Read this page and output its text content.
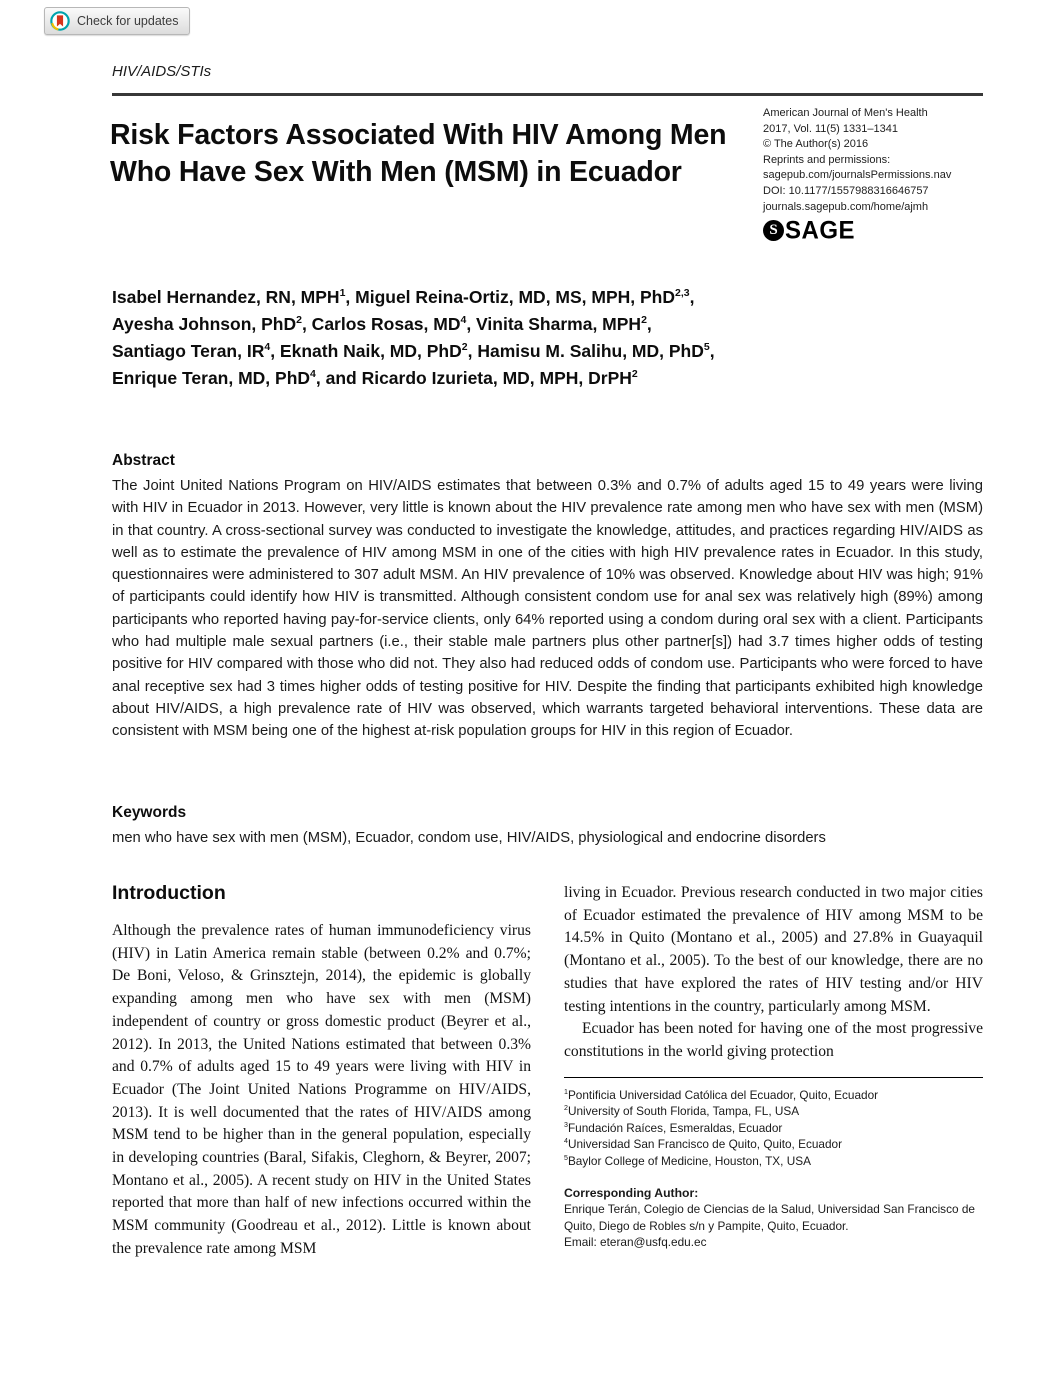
Check for updates
HIV/AIDS/STIs
Risk Factors Associated With HIV Among Men Who Have Sex With Men (MSM) in Ecuador
American Journal of Men's Health
2017, Vol. 11(5) 1331–1341
© The Author(s) 2016
Reprints and permissions:
sagepub.com/journalsPermissions.nav
DOI: 10.1177/1557988316646757
journals.sagepub.com/home/ajmh
S SAGE
Isabel Hernandez, RN, MPH$^1$, Miguel Reina-Ortiz, MD, MS, MPH, PhD$^{2,3}$,
Ayesha Johnson, PhD$^2$, Carlos Rosas, $MD^4$, Vinita Sharma, MPH$^2$,
Santiago Teran, $IR^4$, Eknath Naik, MD, PhD$^2$, Hamisu M. Salihu, MD, PhD$^5$,
Enrique Teran, MD, PhD$^4$, and Ricardo Izurieta, MD, MPH, DrPH$^2$
Abstract
The Joint United Nations Program on HIV/AIDS estimates that between 0.3% and 0.7% of adults aged 15 to 49 years were living with HIV in Ecuador in 2013. However, very little is known about the HIV prevalence rate among men who have sex with men (MSM) in that country. A cross-sectional survey was conducted to investigate the knowledge, attitudes, and practices regarding HIV/AIDS as well as to estimate the prevalence of HIV among MSM in one of the cities with high HIV prevalence rates in Ecuador. In this study, questionnaires were administered to 307 adult MSM. An HIV prevalence of 10% was observed. Knowledge about HIV was high; 91% of participants could identify how HIV is transmitted. Although consistent condom use for anal sex was relatively high (89%) among participants who reported having pay-for-service clients, only 64% reported using a condom during oral sex with a client. Participants who had multiple male sexual partners (i.e., their stable male partners plus other partner[s]) had 3.7 times higher odds of testing positive for HIV compared with those who did not. They also had reduced odds of condom use. Participants who were forced to have anal receptive sex had 3 times higher odds of testing positive for HIV. Despite the finding that participants exhibited high knowledge about HIV/AIDS, a high prevalence rate of HIV was observed, which warrants targeted behavioral interventions. These data are consistent with MSM being one of the highest at-risk population groups for HIV in this region of Ecuador.
Keywords
men who have sex with men (MSM), Ecuador, condom use, HIV/AIDS, physiological and endocrine disorders
Introduction
Although the prevalence rates of human immunodeficiency virus (HIV) in Latin America remain stable (between 0.2% and 0.7%; De Boni, Veloso, & Grinsztejn, 2014), the epidemic is globally expanding among men who have sex with men (MSM) independent of country or gross domestic product (Beyrer et al., 2012). In 2013, the United Nations estimated that between 0.3% and 0.7% of adults aged 15 to 49 years were living with HIV in Ecuador (The Joint United Nations Programme on HIV/AIDS, 2013). It is well documented that the rates of HIV/AIDS among MSM tend to be higher than in the general population, especially in developing countries (Baral, Sifakis, Cleghorn, & Beyrer, 2007; Montano et al., 2005). A recent study on HIV in the United States reported that more than half of new infections occurred within the MSM community (Goodreau et al., 2012). Little is known about the prevalence rate among MSM

living in Ecuador. Previous research conducted in two major cities of Ecuador estimated the prevalence of HIV among MSM to be 14.5% in Quito (Montano et al., 2005) and 27.8% in Guayaquil (Montano et al., 2005). To the best of our knowledge, there are no studies that have explored the rates of HIV testing and/or HIV testing intentions in the country, particularly among MSM.

Ecuador has been noted for having one of the most progressive constitutions in the world giving protection

$^1$Pontificia Universidad Católica del Ecuador, Quito, Ecuador
$^2$University of South Florida, Tampa, FL, USA
$^3$Fundación Raíces, Esmeraldas, Ecuador
$^4$Universidad San Francisco de Quito, Quito, Ecuador
$^5$Baylor College of Medicine, Houston, TX, USA
Corresponding Author:
Enrique Terán, Colegio de Ciencias de la Salud, Universidad San Francisco de Quito, Diego de Robles s/n y Pampite, Quito, Ecuador.
Email: eteran@usfq.edu.ec
